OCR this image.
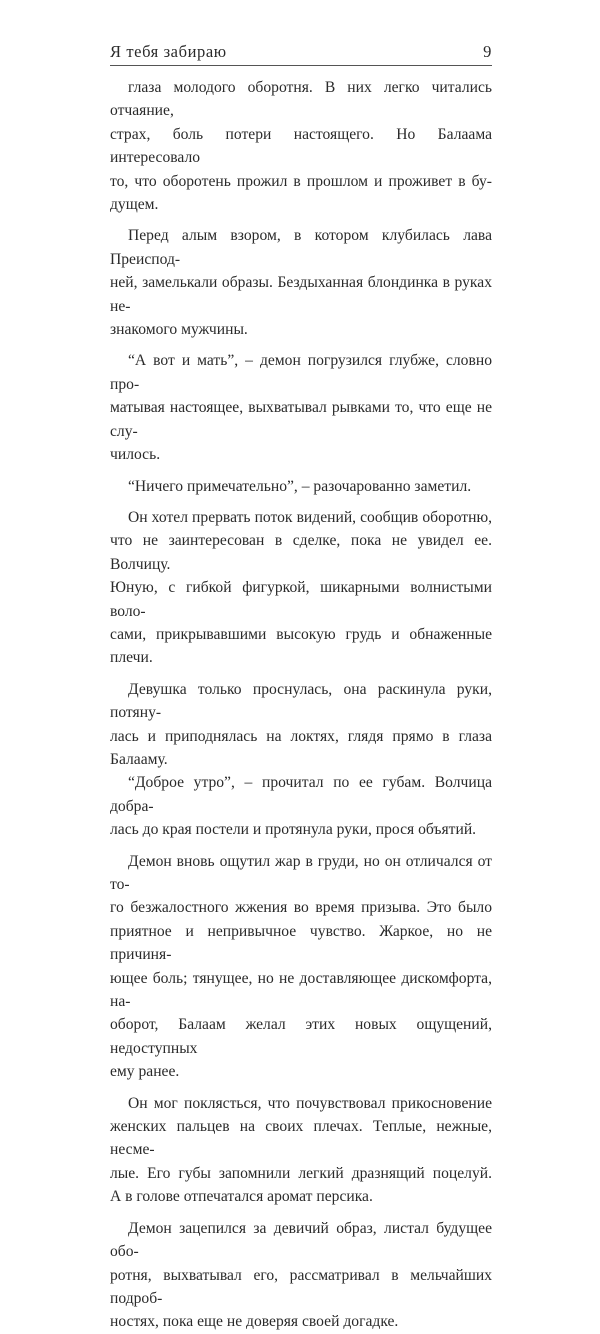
Я тебя забираю	9

глаза молодого оборотня. В них легко читались отчаяние,
страх, боль потери настоящего. Но Балаама интересовало
то, что оборотень прожил в прошлом и проживет в бу-
дущем.

Перед алым взором, в котором клубилась лава Преиспод-
ней, замелькали образы. Бездыханная блондинка в руках не-
знакомого мужчины.

“А вот и мать”, – демон погрузился глубже, словно про-
матывая настоящее, выхватывал рывками то, что еще не слу-
чилось.

“Ничего примечательно”, – разочарованно заметил.

Он хотел прервать поток видений, сообщив оборотню,
что не заинтересован в сделке, пока не увидел ее. Волчицу.
Юную, с гибкой фигуркой, шикарными волнистыми воло-
сами, прикрывавшими высокую грудь и обнаженные плечи.

Девушка только проснулась, она раскинула руки, потяну-
лась и приподнялась на локтях, глядя прямо в глаза Балааму.

“Доброе утро”, – прочитал по ее губам. Волчица добра-
лась до края постели и протянула руки, прося объятий.

Демон вновь ощутил жар в груди, но он отличался от то-
го безжалостного жжения во время призыва. Это было
приятное и непривычное чувство. Жаркое, но не причиня-
ющее боль; тянущее, но не доставляющее дискомфорта, на-
оборот, Балаам желал этих новых ощущений, недоступных
ему ранее.

Он мог поклясться, что почувствовал прикосновение
женских пальцев на своих плечах. Теплые, нежные, несме-
лые. Его губы запомнили легкий дразнящий поцелуй.
А в голове отпечатался аромат персика.

Демон зацепился за девичий образ, листал будущее обо-
ротня, выхватывал его, рассматривал в мельчайших подроб-
ностях, пока еще не доверяя своей догадке.
